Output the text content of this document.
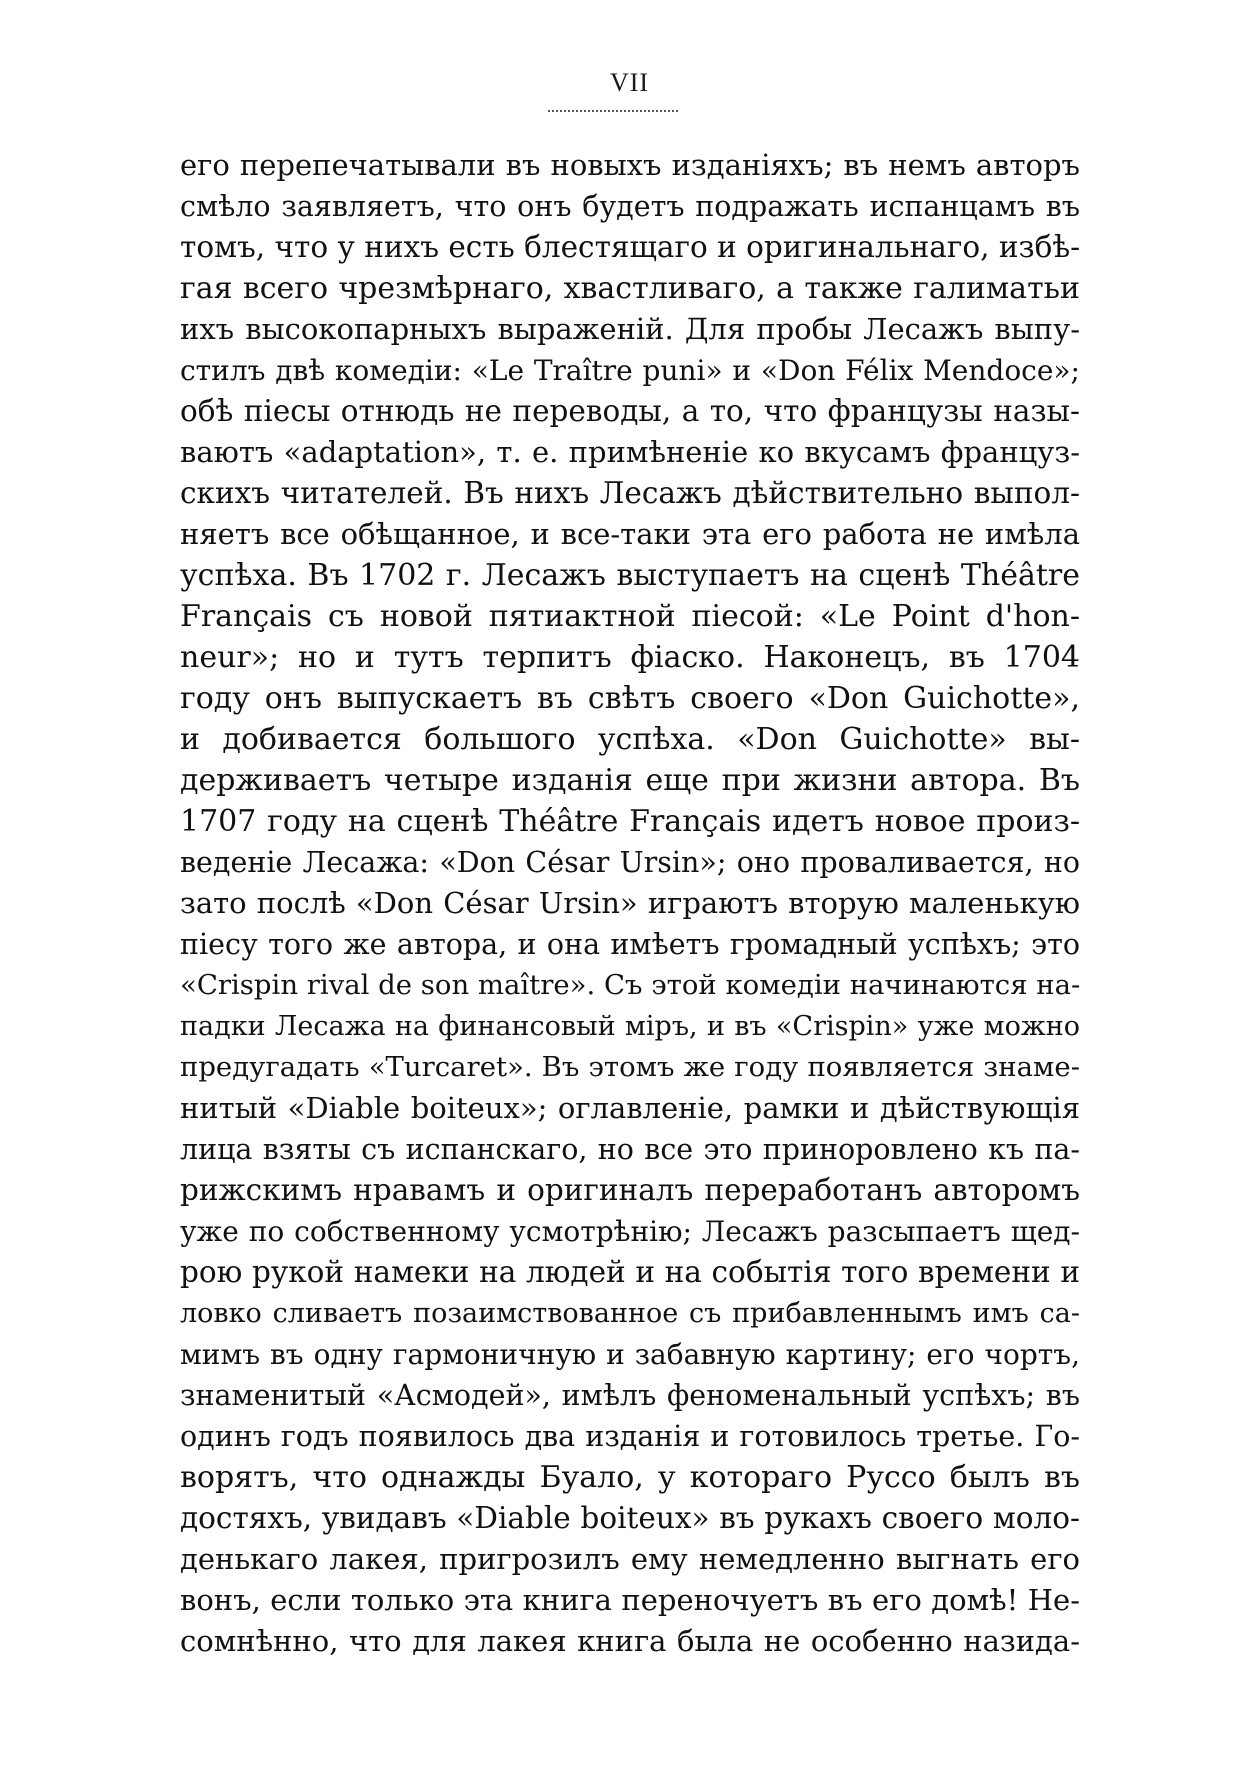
VII
его перепечатывали въ новыхъ изданіяхъ; въ немъ авторъ
смѣло заявляетъ, что онъ будетъ подражать испанцамъ въ
томъ, что у нихъ есть блестящаго и оригинальнаго, избѣ-
гая всего чрезмѣрнаго, хвастливаго, а также галиматьи
ихъ высокопарныхъ выраженій. Для пробы Лесажъ выпу-
стилъ двѣ комедіи: «Le Traître puni» и «Don Félix Mendoce»;
обѣ піесы отнюдь не переводы, а то, что французы назы-
ваютъ «adaptation», т. е. примѣненіе ко вкусамъ француз-
скихъ читателей. Въ нихъ Лесажъ дѣйствительно выпол-
няетъ все обѣщанное, и все-таки эта его работа не имѣла
успѣха. Въ 1702 г. Лесажъ выступаетъ на сценѣ Théâtre
Français съ новой пятиактной піесой: «Le Point d'hon-
neur»; но и тутъ терпитъ фіаско. Наконецъ, въ 1704
году онъ выпускаетъ въ свѣтъ своего «Don Guichotte»,
и добивается большого успѣха. «Don Guichotte» вы-
держиваетъ четыре изданія еще при жизни автора. Въ
1707 году на сценѣ Théâtre Français идетъ новое произ-
веденіе Лесажа: «Don César Ursin»; оно проваливается, но
зато послѣ «Don César Ursin» играютъ вторую маленькую
піесу того же автора, и она имѣетъ громадный успѣхъ; это
«Crispin rival de son maître». Съ этой комедіи начинаются на-
падки Лесажа на финансовый міръ, и въ «Crispin» уже можно
предугадать «Turcaret». Въ этомъ же году появляется знаме-
нитый «Diable boiteux»; оглавленіе, рамки и дѣйствующія
лица взяты съ испанскаго, но все это приноровлено къ па-
рижскимъ нравамъ и оригиналъ переработанъ авторомъ
уже по собственному усмотрѣнію; Лесажъ разсыпаетъ щед-
рою рукой намеки на людей и на событія того времени и
ловко сливаетъ позаимствованное съ прибавленнымъ имъ са-
мимъ въ одну гармоничную и забавную картину; его чортъ,
знаменитый «Асмодей», имѣлъ феноменальный успѣхъ; въ
одинъ годъ появилось два изданія и готовилось третье. Го-
ворятъ, что однажды Буало, у котораго Руссо былъ въ
достяхъ, увидавъ «Diable boiteux» въ рукахъ своего моло-
денькаго лакея, пригрозилъ ему немедленно выгнать его
вонъ, если только эта книга переночуетъ въ его домѣ! Не-
сомнѣнно, что для лакея книга была не особенно назида-
